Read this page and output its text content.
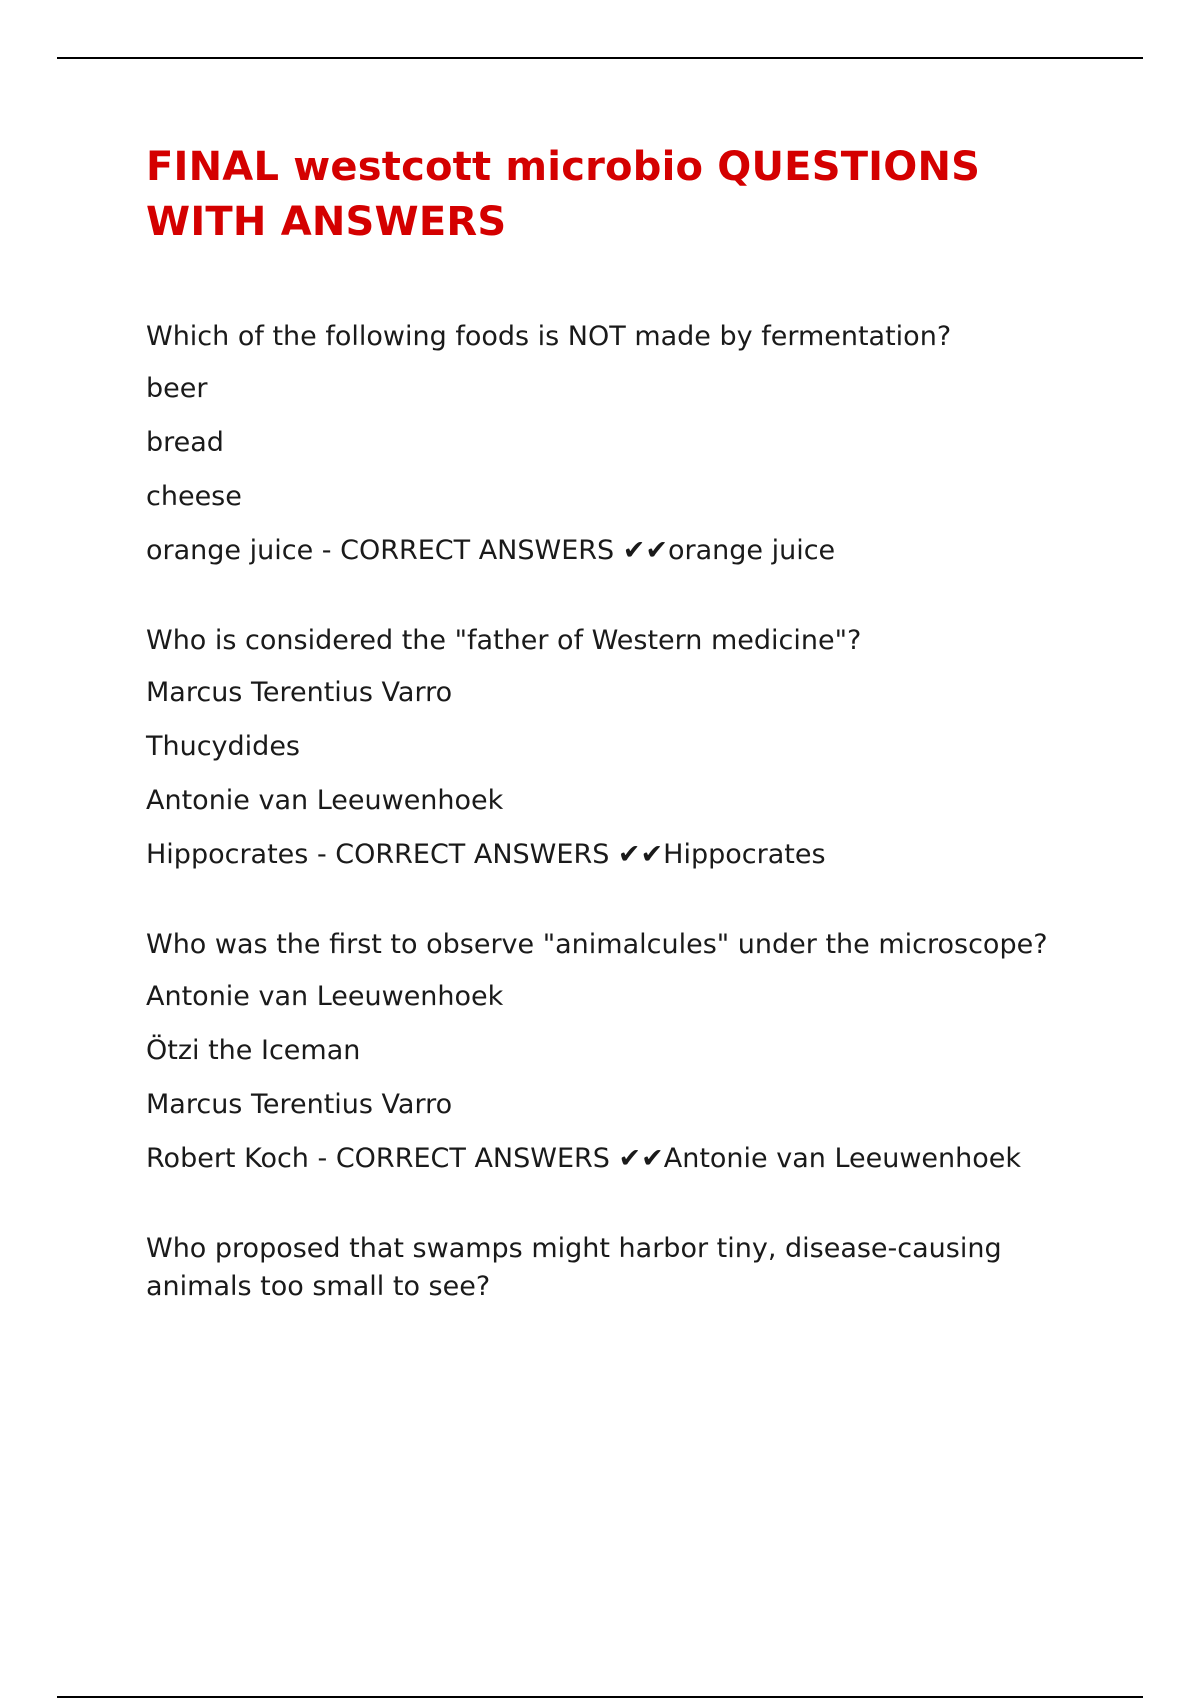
FINAL westcott microbio QUESTIONS WITH ANSWERS

Which of the following foods is NOT made by fermentation?

beer

bread

cheese

orange juice - CORRECT ANSWERS ✔✔orange juice

Who is considered the "father of Western medicine"?

Marcus Terentius Varro

Thucydides

Antonie van Leeuwenhoek

Hippocrates - CORRECT ANSWERS ✔✔Hippocrates

Who was the first to observe "animalcules" under the microscope?

Antonie van Leeuwenhoek

Ötzi the Iceman

Marcus Terentius Varro

Robert Koch - CORRECT ANSWERS ✔✔Antonie van Leeuwenhoek

Who proposed that swamps might harbor tiny, disease-causing animals too small to see?
